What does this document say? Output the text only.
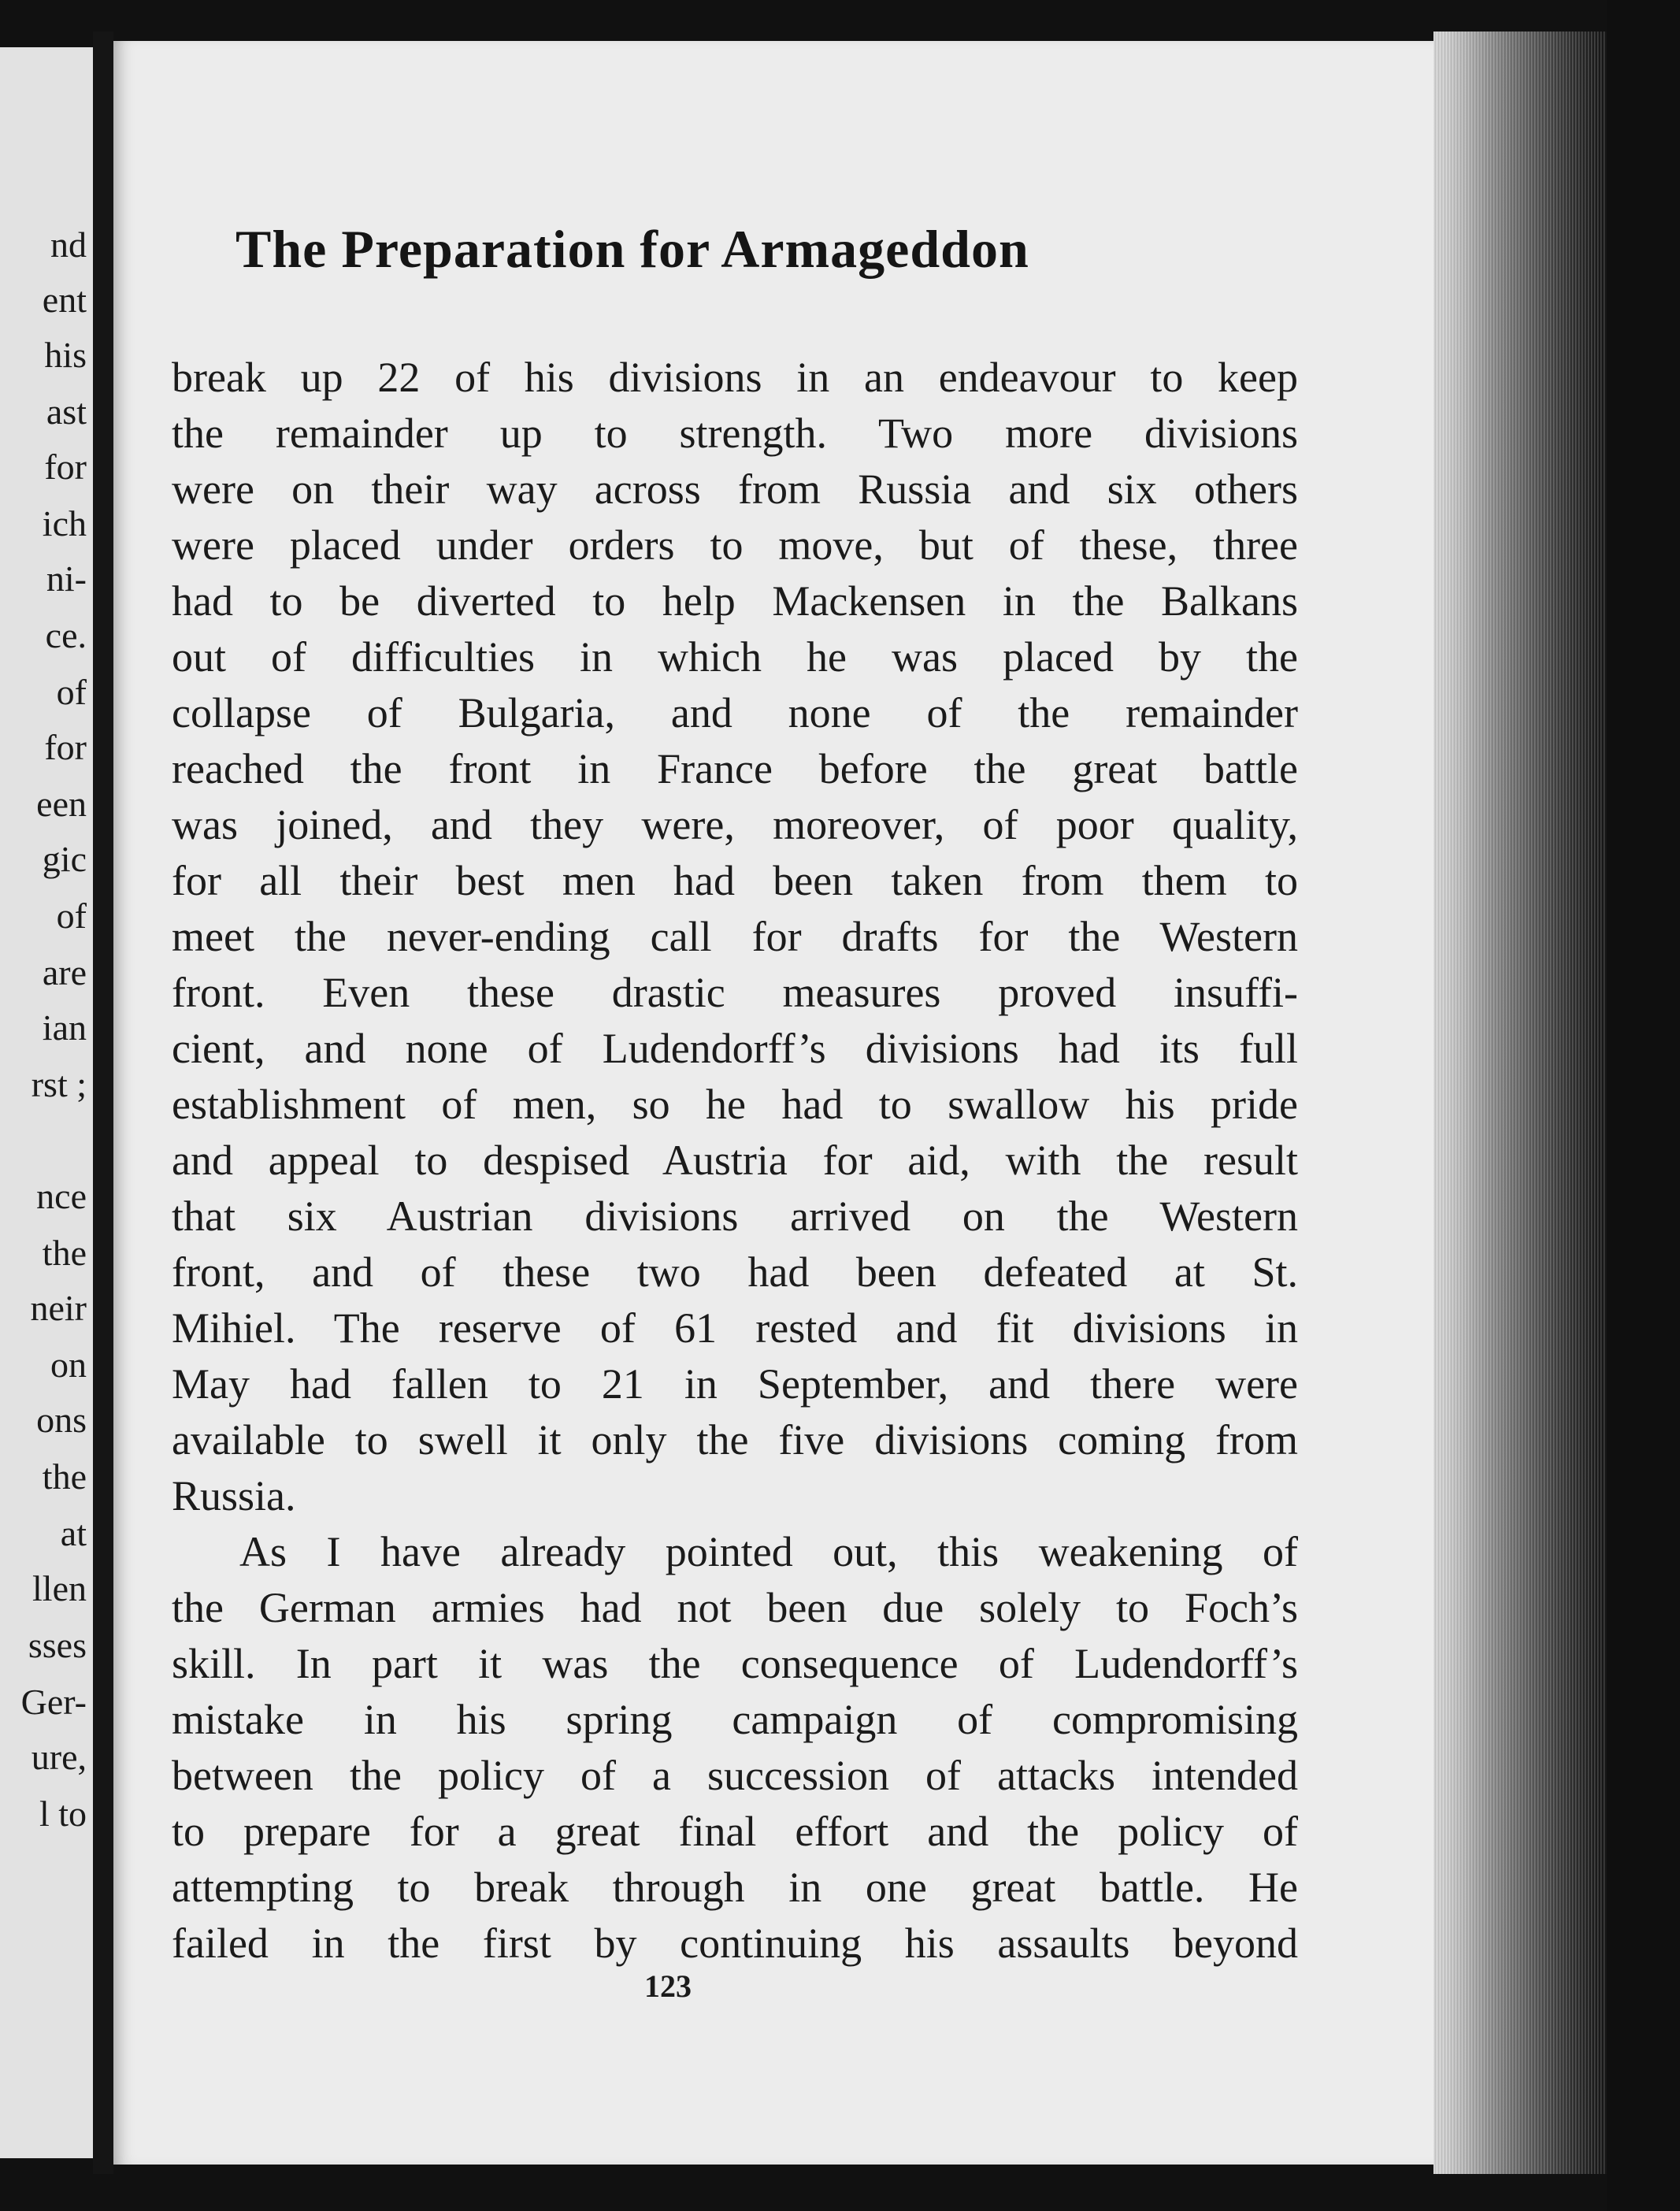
nd
ent
his
ast
for
ich
ni-
ce.
of
for
een
gic
of
are
ian
rst ;
nce
the
neir
on
ons
the
at
llen
sses
Ger-
ure,
l to
The Preparation for Armageddon
break up 22 of his divisions in an endeavour to keep
the remainder up to strength. Two more divisions
were on their way across from Russia and six others
were placed under orders to move, but of these, three
had to be diverted to help Mackensen in the Balkans
out of difficulties in which he was placed by the
collapse of Bulgaria, and none of the remainder
reached the front in France before the great battle
was joined, and they were, moreover, of poor quality,
for all their best men had been taken from them to
meet the never-ending call for drafts for the Western
front. Even these drastic measures proved insuffi-
cient, and none of Ludendorff’s divisions had its full
establishment of men, so he had to swallow his pride
and appeal to despised Austria for aid, with the result
that six Austrian divisions arrived on the Western
front, and of these two had been defeated at St.
Mihiel. The reserve of 61 rested and fit divisions in
May had fallen to 21 in September, and there were
available to swell it only the five divisions coming from
Russia.
As I have already pointed out, this weakening of
the German armies had not been due solely to Foch’s
skill. In part it was the consequence of Ludendorff’s
mistake in his spring campaign of compromising
between the policy of a succession of attacks intended
to prepare for a great final effort and the policy of
attempting to break through in one great battle. He
failed in the first by continuing his assaults beyond
123
